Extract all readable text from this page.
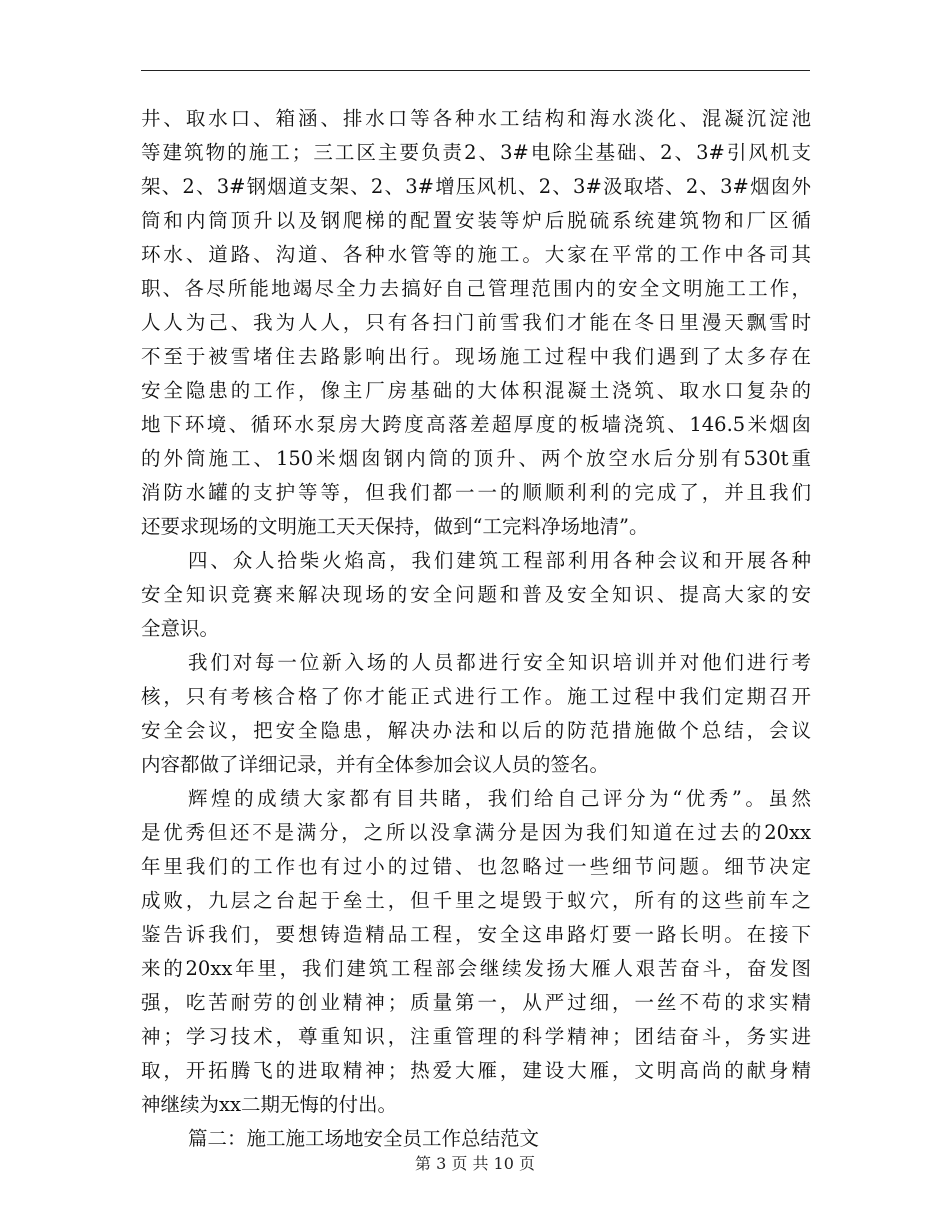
井、取水口、箱涵、排水口等各种水工结构和海水淡化、混凝沉淀池
等建筑物的施工；三工区主要负责2、3#电除尘基础、2、3#引风机支
架、2、3#钢烟道支架、2、3#增压风机、2、3#汲取塔、2、3#烟囱外
筒和内筒顶升以及钢爬梯的配置安装等炉后脱硫系统建筑物和厂区循
环水、道路、沟道、各种水管等的施工。大家在平常的工作中各司其
职、各尽所能地竭尽全力去搞好自己管理范围内的安全文明施工工作，
人人为己、我为人人，只有各扫门前雪我们才能在冬日里漫天飘雪时
不至于被雪堵住去路影响出行。现场施工过程中我们遇到了太多存在
安全隐患的工作，像主厂房基础的大体积混凝土浇筑、取水口复杂的
地下环境、循环水泵房大跨度高落差超厚度的板墙浇筑、146.5米烟囱
的外筒施工、150米烟囱钢内筒的顶升、两个放空水后分别有530t重
消防水罐的支护等等，但我们都一一的顺顺利利的完成了，并且我们
还要求现场的文明施工天天保持，做到“工完料净场地清”。
四、众人拾柴火焰高，我们建筑工程部利用各种会议和开展各种
安全知识竞赛来解决现场的安全问题和普及安全知识、提高大家的安
全意识。
我们对每一位新入场的人员都进行安全知识培训并对他们进行考
核，只有考核合格了你才能正式进行工作。施工过程中我们定期召开
安全会议，把安全隐患，解决办法和以后的防范措施做个总结，会议
内容都做了详细记录，并有全体参加会议人员的签名。
辉煌的成绩大家都有目共睹，我们给自己评分为“优秀”。虽然
是优秀但还不是满分，之所以没拿满分是因为我们知道在过去的20xx
年里我们的工作也有过小的过错、也忽略过一些细节问题。细节决定
成败，九层之台起于垒土，但千里之堤毁于蚁穴，所有的这些前车之
鉴告诉我们，要想铸造精品工程，安全这串路灯要一路长明。在接下
来的20xx年里，我们建筑工程部会继续发扬大雁人艰苦奋斗，奋发图
强，吃苦耐劳的创业精神；质量第一，从严过细，一丝不苟的求实精
神；学习技术，尊重知识，注重管理的科学精神；团结奋斗，务实进
取，开拓腾飞的进取精神；热爱大雁，建设大雁，文明高尚的献身精
神继续为xx二期无悔的付出。
篇二：施工施工场地安全员工作总结范文
第 3 页 共 10 页
